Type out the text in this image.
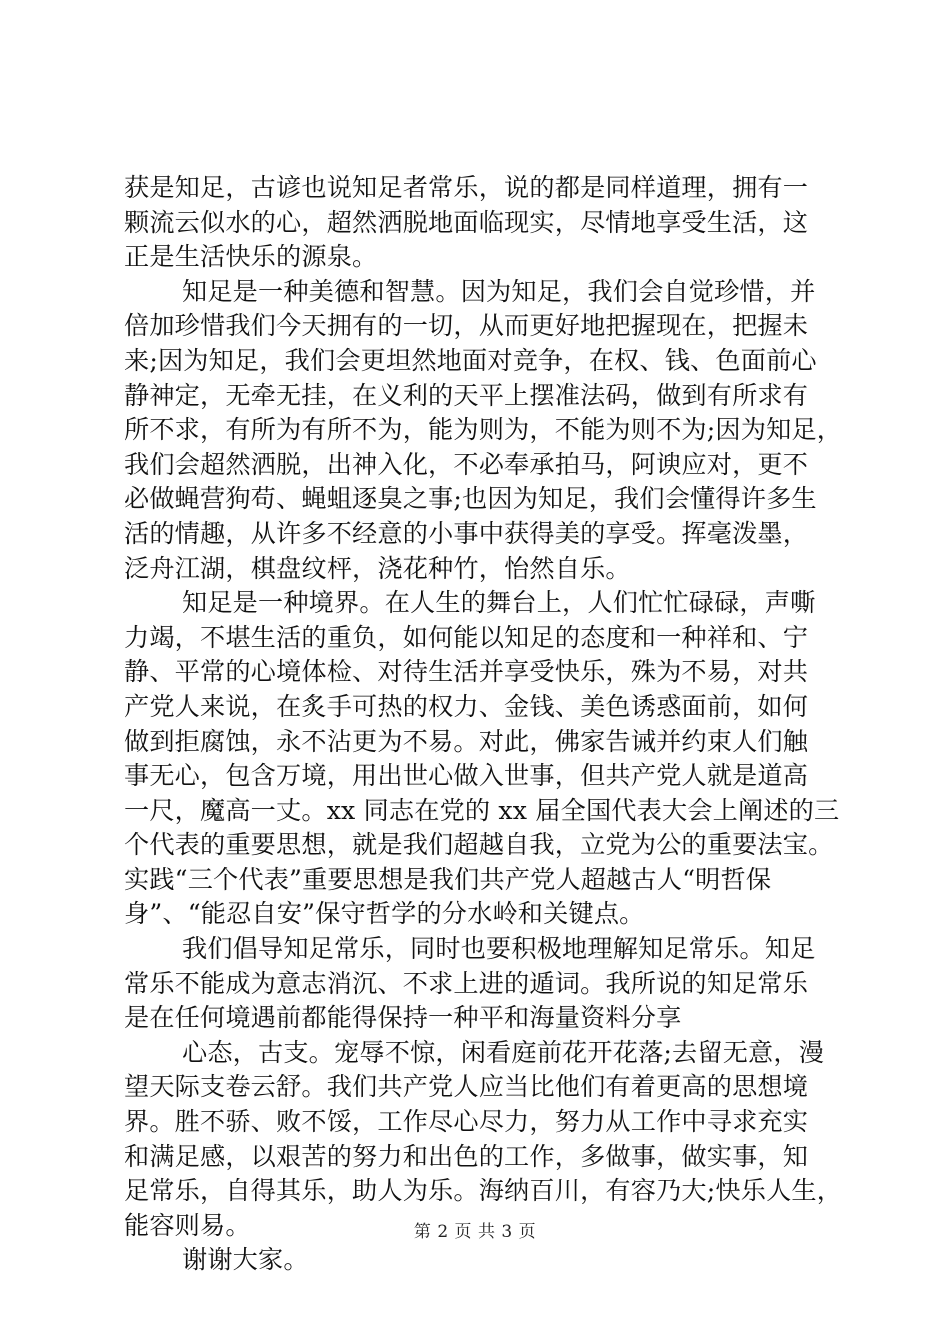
获是知足，古谚也说知足者常乐，说的都是同样道理，拥有一
颗流云似水的心，超然洒脱地面临现实，尽情地享受生活，这
正是生活快乐的源泉。
知足是一种美德和智慧。因为知足，我们会自觉珍惜，并
倍加珍惜我们今天拥有的一切，从而更好地把握现在，把握未
来;因为知足，我们会更坦然地面对竞争，在权、钱、色面前心
静神定，无牵无挂，在义利的天平上摆准法码，做到有所求有
所不求，有所为有所不为，能为则为，不能为则不为;因为知足，
我们会超然洒脱，出神入化，不必奉承拍马，阿谀应对，更不
必做蝇营狗苟、蝇蛆逐臭之事;也因为知足，我们会懂得许多生
活的情趣，从许多不经意的小事中获得美的享受。挥毫泼墨，
泛舟江湖，棋盘纹枰，浇花种竹，怡然自乐。
知足是一种境界。在人生的舞台上，人们忙忙碌碌，声嘶
力竭，不堪生活的重负，如何能以知足的态度和一种祥和、宁
静、平常的心境体检、对待生活并享受快乐，殊为不易，对共
产党人来说，在炙手可热的权力、金钱、美色诱惑面前，如何
做到拒腐蚀，永不沾更为不易。对此，佛家告诫并约束人们触
事无心，包含万境，用出世心做入世事，但共产党人就是道高
一尺，魔高一丈。xx 同志在党的 xx 届全国代表大会上阐述的三
个代表的重要思想，就是我们超越自我，立党为公的重要法宝。
实践“三个代表”重要思想是我们共产党人超越古人“明哲保
身”、“能忍自安”保守哲学的分水岭和关键点。
我们倡导知足常乐，同时也要积极地理解知足常乐。知足
常乐不能成为意志消沉、不求上进的遁词。我所说的知足常乐
是在任何境遇前都能得保持一种平和海量资料分享
心态，古支。宠辱不惊，闲看庭前花开花落;去留无意，漫
望天际支卷云舒。我们共产党人应当比他们有着更高的思想境
界。胜不骄、败不馁，工作尽心尽力，努力从工作中寻求充实
和满足感，以艰苦的努力和出色的工作，多做事，做实事，知
足常乐，自得其乐，助人为乐。海纳百川，有容乃大;快乐人生，
能容则易。
谢谢大家。
第 2 页 共 3 页
